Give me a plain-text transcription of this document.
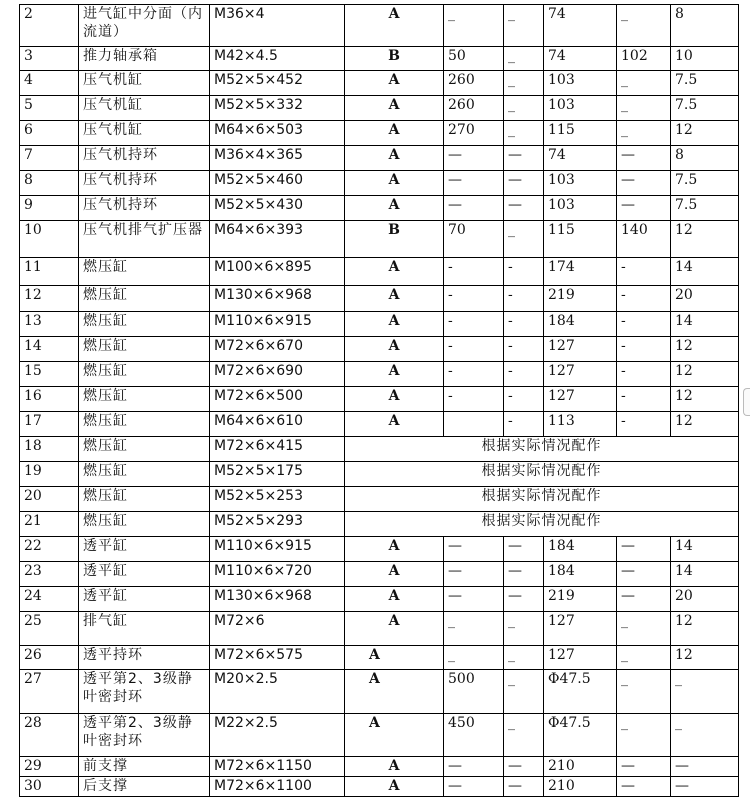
2	进气缸中分面（内流道）	M36×4	A	_	_	74	_	8
3	推力轴承箱	M42×4.5	B	50	_	74	102	10
4	压气机缸	M52×5×452	A	260	_	103	_	7.5
5	压气机缸	M52×5×332	A	260	_	103	_	7.5
6	压气机缸	M64×6×503	A	270	_	115	_	12
7	压气机持环	M36×4×365	A	—	—	74	—	8
8	压气机持环	M52×5×460	A	—	—	103	—	7.5
9	压气机持环	M52×5×430	A	—	—	103	—	7.5
10	压气机排气扩压器	M64×6×393	B	70	_	115	140	12
11	燃压缸	M100×6×895	A	-	-	174	-	14
12	燃压缸	M130×6×968	A	-	-	219	-	20
13	燃压缸	M110×6×915	A	-	-	184	-	14
14	燃压缸	M72×6×670	A	-	-	127	-	12
15	燃压缸	M72×6×690	A	-	-	127	-	12
16	燃压缸	M72×6×500	A	-	-	127	-	12
17	燃压缸	M64×6×610	A		-	113	-	12
18	燃压缸	M72×6×415	根据实际情况配作					
19	燃压缸	M52×5×175	根据实际情况配作					
20	燃压缸	M52×5×253	根据实际情况配作					
21	燃压缸	M52×5×293	根据实际情况配作					
22	透平缸	M110×6×915	A	—	—	184	—	14
23	透平缸	M110×6×720	A	—	—	184	—	14
24	透平缸	M130×6×968	A	—	—	219	—	20
25	排气缸	M72×6	A	_	_	127	_	12
26	透平持环	M72×6×575	A	_	_	127	_	12
27	透平第2、3级静叶密封环	M20×2.5	A	500	_	Φ47.5	_	_
28	透平第2、3级静叶密封环	M22×2.5	A	450	_	Φ47.5	_	_
29	前支撑	M72×6×1150	A	—	—	210	—	—
30	后支撑	M72×6×1100	A	—	—	210	—	—
